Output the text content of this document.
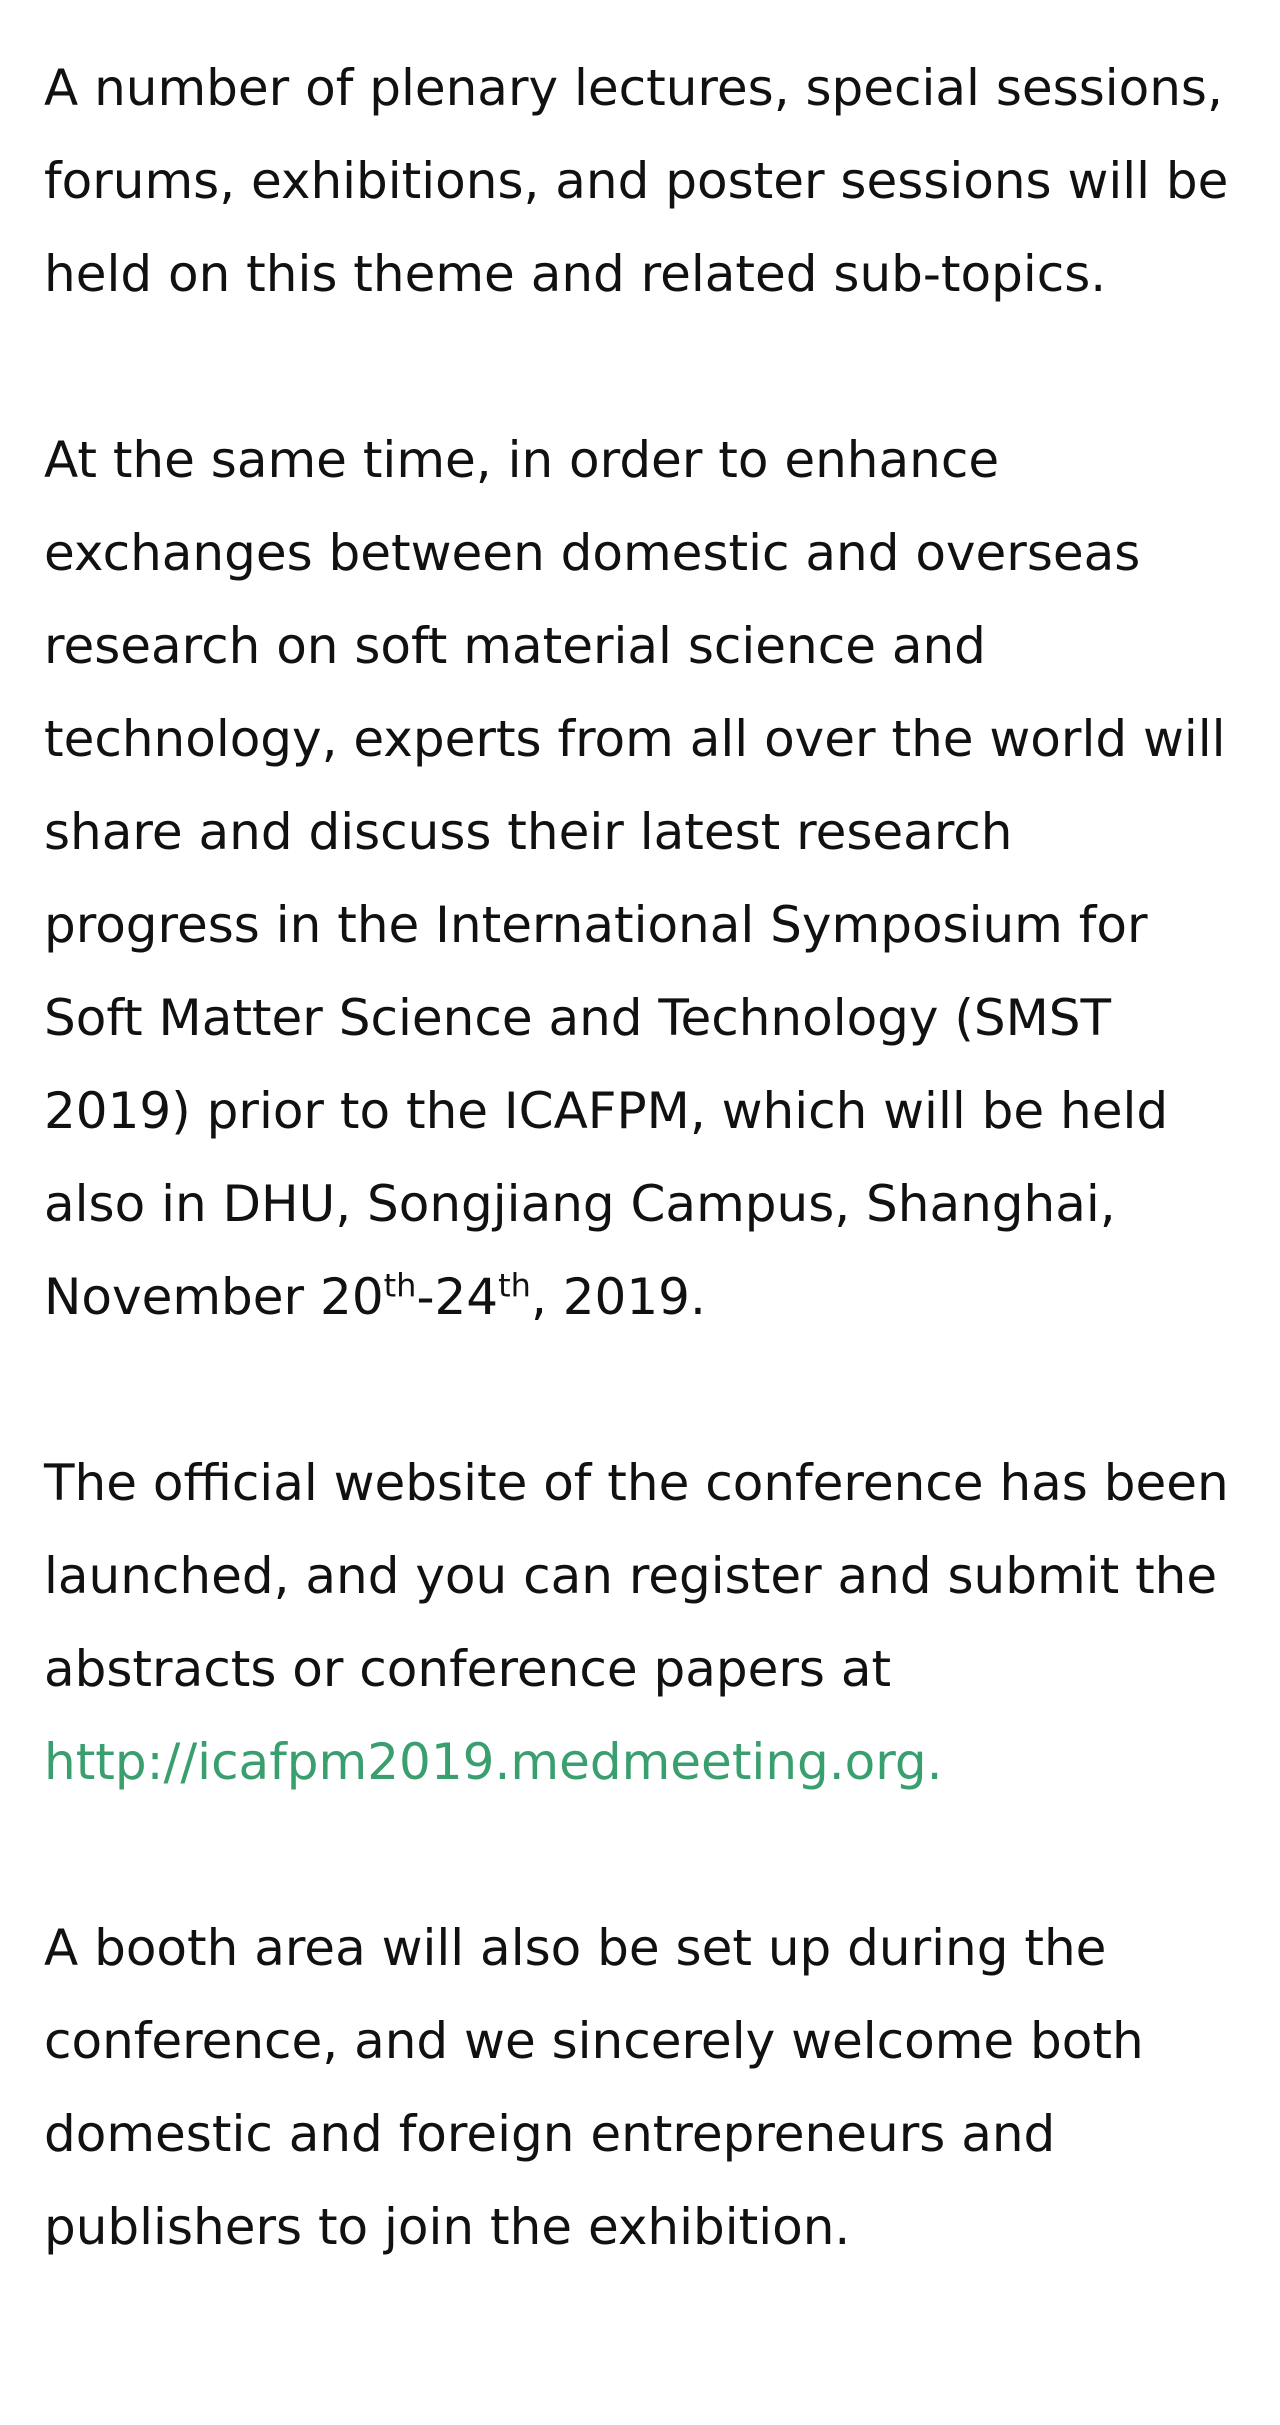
A number of plenary lectures, special sessions, forums, exhibitions, and poster sessions will be held on this theme and related sub-topics.

At the same time, in order to enhance exchanges between domestic and overseas research on soft material science and technology, experts from all over the world will share and discuss their latest research progress in the International Symposium for Soft Matter Science and Technology (SMST 2019) prior to the ICAFPM, which will be held also in DHU, Songjiang Campus, Shanghai, November 20th-24th, 2019.

The official website of the conference has been launched, and you can register and submit the abstracts or conference papers at http://icafpm2019.medmeeting.org.

A booth area will also be set up during the conference, and we sincerely welcome both domestic and foreign entrepreneurs and publishers to join the exhibition.
